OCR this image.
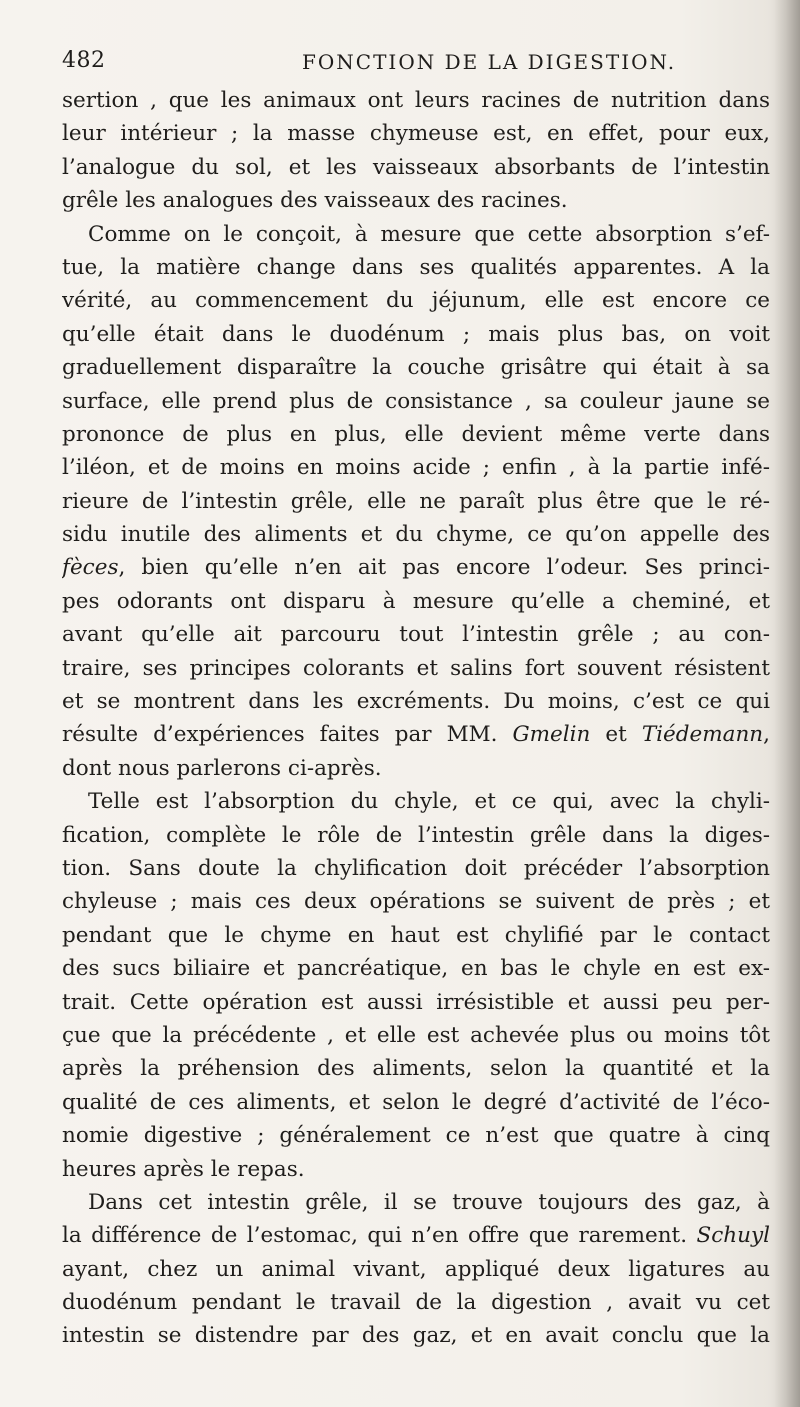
482	FONCTION DE LA DIGESTION.
sertion , que les animaux ont leurs racines de nutrition dans
leur intérieur ; la masse chymeuse est, en effet, pour eux,
l’analogue du sol, et les vaisseaux absorbants de l’intestin
grêle les analogues des vaisseaux des racines.
Comme on le conçoit, à mesure que cette absorption s’ef-
tue, la matière change dans ses qualités apparentes. A la
vérité, au commencement du jéjunum, elle est encore ce
qu’elle était dans le duodénum ; mais plus bas, on voit
graduellement disparaître la couche grisâtre qui était à sa
surface, elle prend plus de consistance , sa couleur jaune se
prononce de plus en plus, elle devient même verte dans
l’iléon, et de moins en moins acide ; enfin , à la partie infé-
rieure de l’intestin grêle, elle ne paraît plus être que le ré-
sidu inutile des aliments et du chyme, ce qu’on appelle des
fèces, bien qu’elle n’en ait pas encore l’odeur. Ses princi-
pes odorants ont disparu à mesure qu’elle a cheminé, et
avant qu’elle ait parcouru tout l’intestin grêle ; au con-
traire, ses principes colorants et salins fort souvent résistent
et se montrent dans les excréments. Du moins, c’est ce qui
résulte d’expériences faites par MM. Gmelin et Tiédemann,
dont nous parlerons ci-après.
Telle est l’absorption du chyle, et ce qui, avec la chyli-
fication, complète le rôle de l’intestin grêle dans la diges-
tion. Sans doute la chylification doit précéder l’absorption
chyleuse ; mais ces deux opérations se suivent de près ; et
pendant que le chyme en haut est chylifié par le contact
des sucs biliaire et pancréatique, en bas le chyle en est ex-
trait. Cette opération est aussi irrésistible et aussi peu per-
çue que la précédente , et elle est achevée plus ou moins tôt
après la préhension des aliments, selon la quantité et la
qualité de ces aliments, et selon le degré d’activité de l’éco-
nomie digestive ; généralement ce n’est que quatre à cinq
heures après le repas.
Dans cet intestin grêle, il se trouve toujours des gaz, à
la différence de l’estomac, qui n’en offre que rarement. Schuyl
ayant, chez un animal vivant, appliqué deux ligatures au
duodénum pendant le travail de la digestion , avait vu cet
intestin se distendre par des gaz, et en avait conclu que la
